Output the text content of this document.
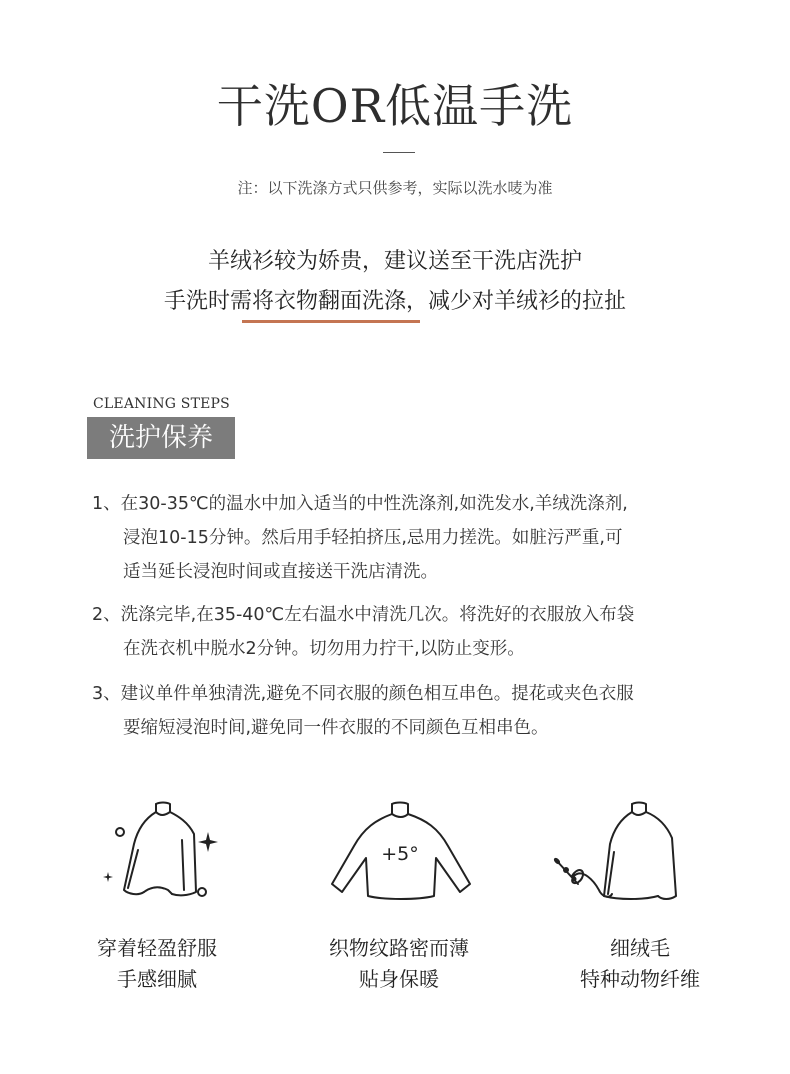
干洗OR低温手洗
注：以下洗涤方式只供参考，实际以洗水唛为准
羊绒衫较为娇贵，建议送至干洗店洗护
手洗时需将衣物翻面洗涤，减少对羊绒衫的拉扯
CLEANING STEPS
洗护保养
1、在30-35℃的温水中加入适当的中性洗涤剂,如洗发水,羊绒洗涤剂,
浸泡10-15分钟。然后用手轻拍挤压,忌用力搓洗。如脏污严重,可
适当延长浸泡时间或直接送干洗店清洗。
2、洗涤完毕,在35-40℃左右温水中清洗几次。将洗好的衣服放入布袋
在洗衣机中脱水2分钟。切勿用力拧干,以防止变形。
3、建议单件单独清洗,避免不同衣服的颜色相互串色。提花或夹色衣服
要缩短浸泡时间,避免同一件衣服的不同颜色互相串色。
+5°
穿着轻盈舒服
手感细腻
织物纹路密而薄
贴身保暖
细绒毛
特种动物纤维
